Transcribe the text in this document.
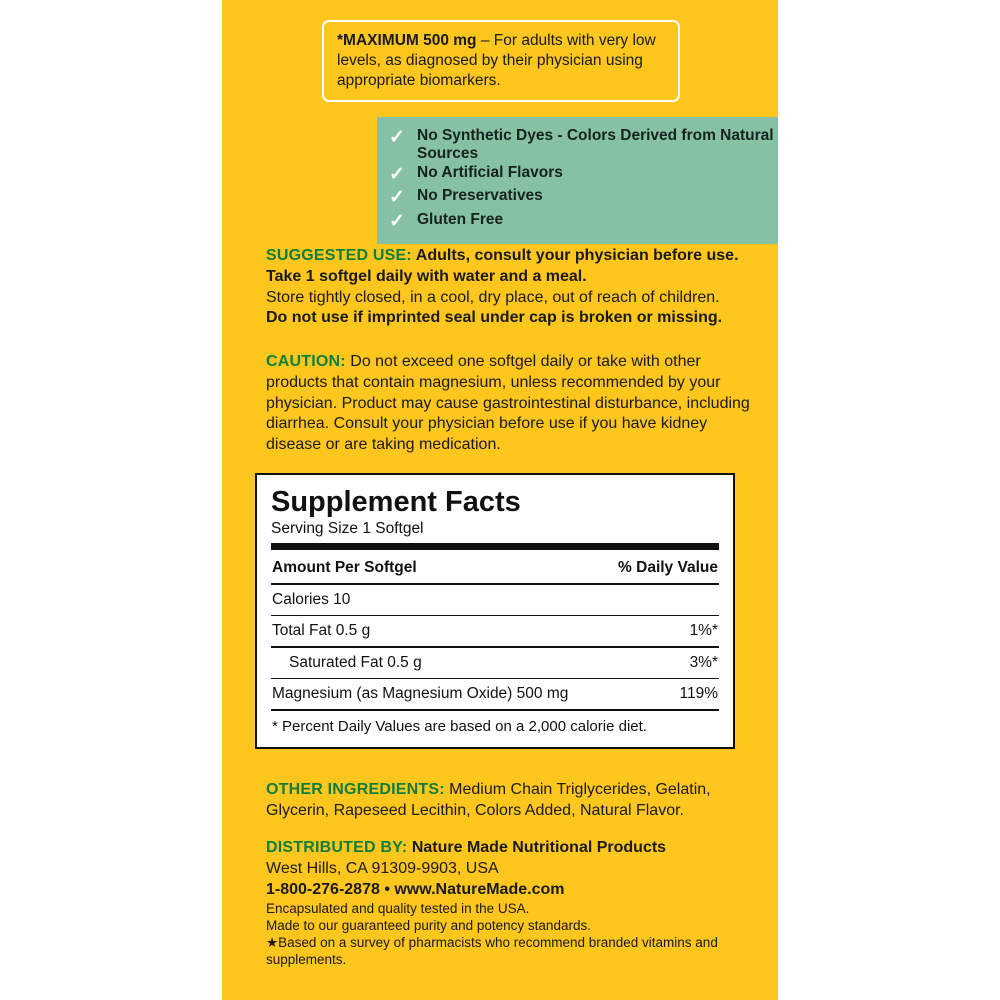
*MAXIMUM 500 mg – For adults with very low levels, as diagnosed by their physician using appropriate biomarkers.

✓ No Synthetic Dyes - Colors Derived from Natural Sources
✓ No Artificial Flavors
✓ No Preservatives
✓ Gluten Free

SUGGESTED USE: Adults, consult your physician before use. Take 1 softgel daily with water and a meal.

Store tightly closed, in a cool, dry place, out of reach of children.

Do not use if imprinted seal under cap is broken or missing.

CAUTION: Do not exceed one softgel daily or take with other products that contain magnesium, unless recommended by your physician. Product may cause gastrointestinal disturbance, including diarrhea. Consult your physician before use if you have kidney disease or are taking medication.

Supplement Facts
Serving Size 1 Softgel
Amount Per Softgel	% Daily Value
Calories 10
Total Fat 0.5 g	1%*
Saturated Fat 0.5 g	3%*
Magnesium (as Magnesium Oxide) 500 mg	119%
* Percent Daily Values are based on a 2,000 calorie diet.

OTHER INGREDIENTS: Medium Chain Triglycerides, Gelatin, Glycerin, Rapeseed Lecithin, Colors Added, Natural Flavor.

DISTRIBUTED BY: Nature Made Nutritional Products

West Hills, CA 91309-9903, USA

1-800-276-2878 • www.NatureMade.com

Encapsulated and quality tested in the USA.
Made to our guaranteed purity and potency standards.
★Based on a survey of pharmacists who recommend branded vitamins and supplements.
